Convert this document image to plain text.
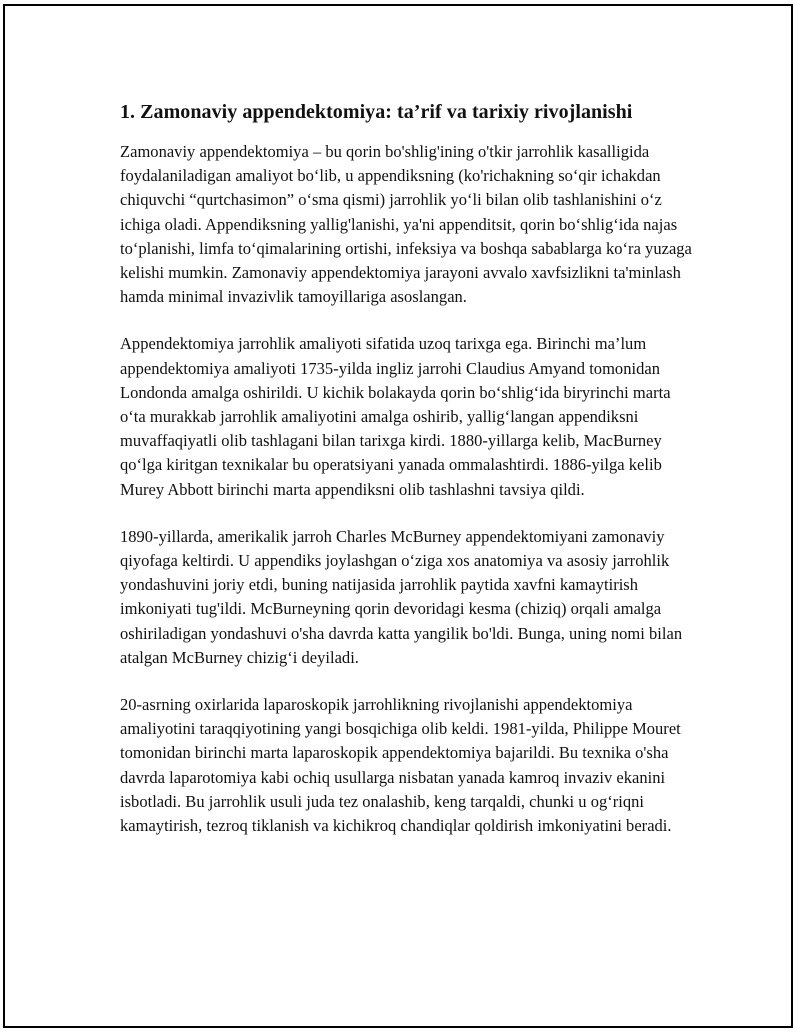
1. Zamonaviy appendektomiya: ta’rif va tarixiy rivojlanishi

Zamonaviy appendektomiya – bu qorin bo'shlig'ining o'tkir jarrohlik kasalligida foydalaniladigan amaliyot bo‘lib, u appendiksning (ko'richakning so‘qir ichakdan chiquvchi “qurtchasimon” o‘sma qismi) jarrohlik yo‘li bilan olib tashlanishini o‘z ichiga oladi. Appendiksning yallig'lanishi, ya'ni appenditsit, qorin bo‘shlig‘ida najas to‘planishi, limfa to‘qimalarining ortishi, infeksiya va boshqa sabablarga ko‘ra yuzaga kelishi mumkin. Zamonaviy appendektomiya jarayoni avvalo xavfsizlikni ta'minlash hamda minimal invazivlik tamoyillariga asoslangan.

Appendektomiya jarrohlik amaliyoti sifatida uzoq tarixga ega. Birinchi ma’lum appendektomiya amaliyoti 1735-yilda ingliz jarrohi Claudius Amyand tomonidan Londonda amalga oshirildi. U kichik bolakayda qorin bo‘shlig‘ida biryrinchi marta o‘ta murakkab jarrohlik amaliyotini amalga oshirib, yallig‘langan appendiksni muvaffaqiyatli olib tashlagani bilan tarixga kirdi. 1880-yillarga kelib, MacBurney qo‘lga kiritgan texnikalar bu operatsiyani yanada ommalashtirdi. 1886-yilga kelib Murey Abbott birinchi marta appendiksni olib tashlashni tavsiya qildi.

1890-yillarda, amerikalik jarroh Charles McBurney appendektomiyani zamonaviy qiyofaga keltirdi. U appendiks joylashgan o‘ziga xos anatomiya va asosiy jarrohlik yondashuvini joriy etdi, buning natijasida jarrohlik paytida xavfni kamaytirish imkoniyati tug'ildi. McBurneyning qorin devoridagi kesma (chiziq) orqali amalga oshiriladigan yondashuvi o'sha davrda katta yangilik bo'ldi. Bunga, uning nomi bilan atalgan McBurney chizig‘i deyiladi.

20-asrning oxirlarida laparoskopik jarrohlikning rivojlanishi appendektomiya amaliyotini taraqqiyotining yangi bosqichiga olib keldi. 1981-yilda, Philippe Mouret tomonidan birinchi marta laparoskopik appendektomiya bajarildi. Bu texnika o'sha davrda laparotomiya kabi ochiq usullarga nisbatan yanada kamroq invaziv ekanini isbotladi. Bu jarrohlik usuli juda tez onalashib, keng tarqaldi, chunki u og‘riqni kamaytirish, tezroq tiklanish va kichikroq chandiqlar qoldirish imkoniyatini beradi.
